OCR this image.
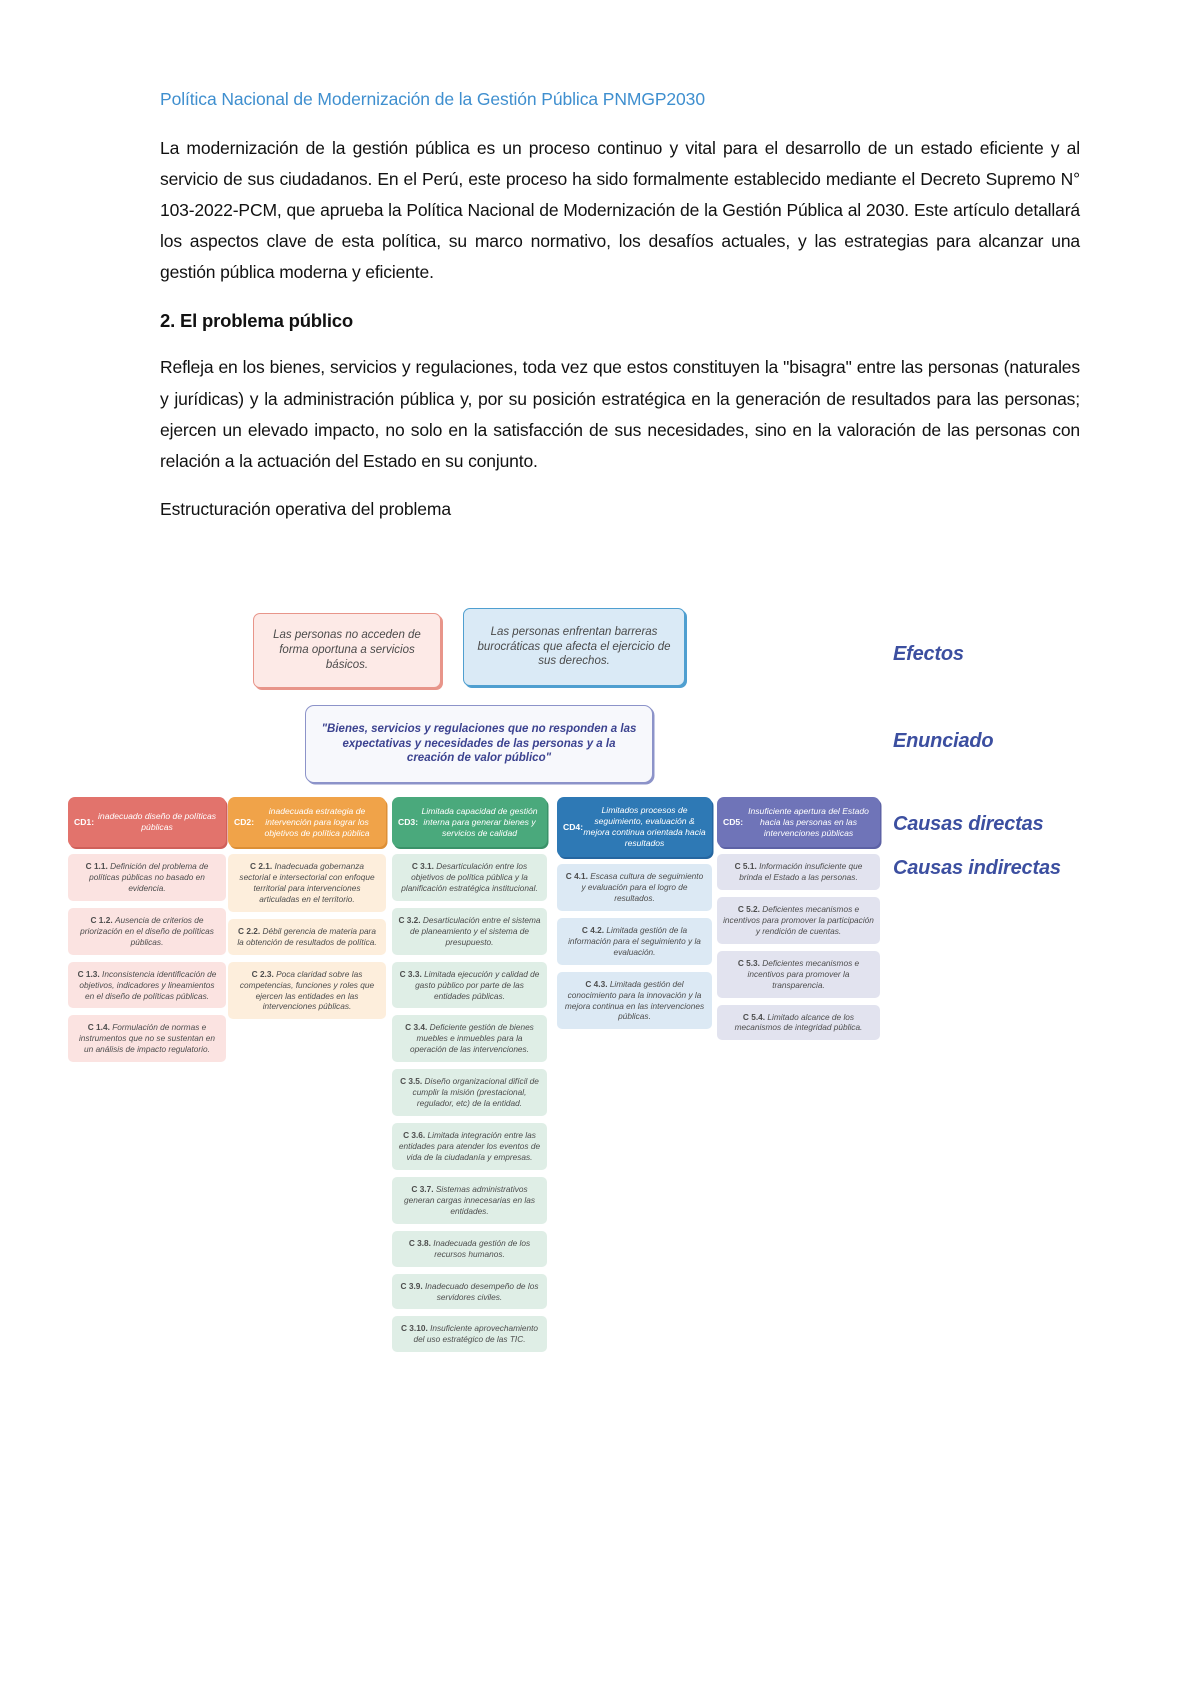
Política Nacional de Modernización de la Gestión Pública PNMGP2030

La modernización de la gestión pública es un proceso continuo y vital para el desarrollo de un estado eficiente y al servicio de sus ciudadanos. En el Perú, este proceso ha sido formalmente establecido mediante el Decreto Supremo N° 103-2022-PCM, que aprueba la Política Nacional de Modernización de la Gestión Pública al 2030. Este artículo detallará los aspectos clave de esta política, su marco normativo, los desafíos actuales, y las estrategias para alcanzar una gestión pública moderna y eficiente.

2. El problema público

Refleja en los bienes, servicios y regulaciones, toda vez que estos constituyen la "bisagra" entre las personas (naturales y jurídicas) y la administración pública y, por su posición estratégica en la generación de resultados para las personas; ejercen un elevado impacto, no solo en la satisfacción de sus necesidades, sino en la valoración de las personas con relación a la actuación del Estado en su conjunto.

Estructuración operativa del problema

Las personas no acceden de forma oportuna a servicios básicos.
Las personas enfrentan barreras burocráticas que afecta el ejercicio de sus derechos.
"Bienes, servicios y regulaciones que no responden a las expectativas y necesidades de las personas y a la creación de valor público"
Efectos
Enunciado
Causas directas
Causas indirectas
CD1:
inadecuado diseño de políticas públicas
C 1.1. Definición del problema de políticas públicas no basado en evidencia.
C 1.2. Ausencia de criterios de priorización en el diseño de políticas públicas.
C 1.3. Inconsistencia identificación de objetivos, indicadores y lineamientos en el diseño de políticas públicas.
C 1.4. Formulación de normas e instrumentos que no se sustentan en un análisis de impacto regulatorio.
CD2:
inadecuada estrategia de intervención para lograr los objetivos de política pública
C 2.1. Inadecuada gobernanza sectorial e intersectorial con enfoque territorial para intervenciones articuladas en el territorio.
C 2.2. Débil gerencia de materia para la obtención de resultados de política.
C 2.3. Poca claridad sobre las competencias, funciones y roles que ejercen las entidades en las intervenciones públicas.
CD3:
Limitada capacidad de gestión interna para generar bienes y servicios de calidad
C 3.1. Desarticulación entre los objetivos de política pública y la planificación estratégica institucional.
C 3.2. Desarticulación entre el sistema de planeamiento y el sistema de presupuesto.
C 3.3. Limitada ejecución y calidad de gasto público por parte de las entidades públicas.
C 3.4. Deficiente gestión de bienes muebles e inmuebles para la operación de las intervenciones.
C 3.5. Diseño organizacional difícil de cumplir la misión (prestacional, regulador, etc) de la entidad.
C 3.6. Limitada integración entre las entidades para atender los eventos de vida de la ciudadanía y empresas.
C 3.7. Sistemas administrativos generan cargas innecesarias en las entidades.
C 3.8. Inadecuada gestión de los recursos humanos.
C 3.9. Inadecuado desempeño de los servidores civiles.
C 3.10. Insuficiente aprovechamiento del uso estratégico de las TIC.
CD4:
Limitados procesos de seguimiento, evaluación & mejora continua orientada hacia resultados
C 4.1. Escasa cultura de seguimiento y evaluación para el logro de resultados.
C 4.2. Limitada gestión de la información para el seguimiento y la evaluación.
C 4.3. Limitada gestión del conocimiento para la innovación y la mejora continua en las intervenciones públicas.
CD5:
Insuficiente apertura del Estado hacia las personas en las intervenciones públicas
C 5.1. Información insuficiente que brinda el Estado a las personas.
C 5.2. Deficientes mecanismos e incentivos para promover la participación y rendición de cuentas.
C 5.3. Deficientes mecanismos e incentivos para promover la transparencia.
C 5.4. Limitado alcance de los mecanismos de integridad pública.
